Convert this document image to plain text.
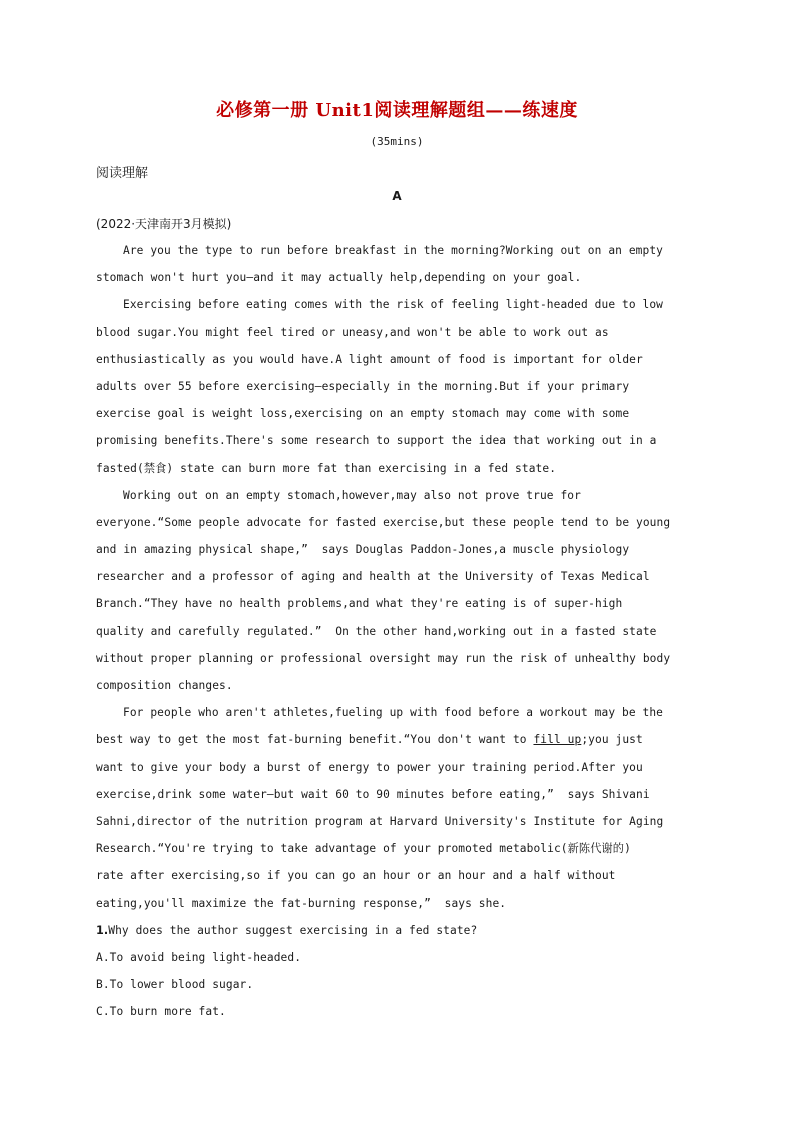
必修第一册 Unit1阅读理解题组——练速度
(35mins)
阅读理解
A
(2022·天津南开3月模拟)
Are you the type to run before breakfast in the morning?Working out on an empty
stomach won't hurt you—and it may actually help,depending on your goal.
Exercising before eating comes with the risk of feeling light-headed due to low
blood sugar.You might feel tired or uneasy,and won't be able to work out as
enthusiastically as you would have.A light amount of food is important for older
adults over 55 before exercising—especially in the morning.But if your primary
exercise goal is weight loss,exercising on an empty stomach may come with some
promising benefits.There's some research to support the idea that working out in a
fasted(禁食) state can burn more fat than exercising in a fed state.
Working out on an empty stomach,however,may also not prove true for
everyone.“Some people advocate for fasted exercise,but these people tend to be young
and in amazing physical shape,”  says Douglas Paddon-Jones,a muscle physiology
researcher and a professor of aging and health at the University of Texas Medical
Branch.“They have no health problems,and what they're eating is of super-high
quality and carefully regulated.”  On the other hand,working out in a fasted state
without proper planning or professional oversight may run the risk of unhealthy body
composition changes.
For people who aren't athletes,fueling up with food before a workout may be the
best way to get the most fat-burning benefit.“You don't want to fill up;you just
want to give your body a burst of energy to power your training period.After you
exercise,drink some water—but wait 60 to 90 minutes before eating,”  says Shivani
Sahni,director of the nutrition program at Harvard University's Institute for Aging
Research.“You're trying to take advantage of your promoted metabolic(新陈代谢的)
rate after exercising,so if you can go an hour or an hour and a half without
eating,you'll maximize the fat-burning response,”  says she.
1.Why does the author suggest exercising in a fed state?
A.To avoid being light-headed.
B.To lower blood sugar.
C.To burn more fat.
